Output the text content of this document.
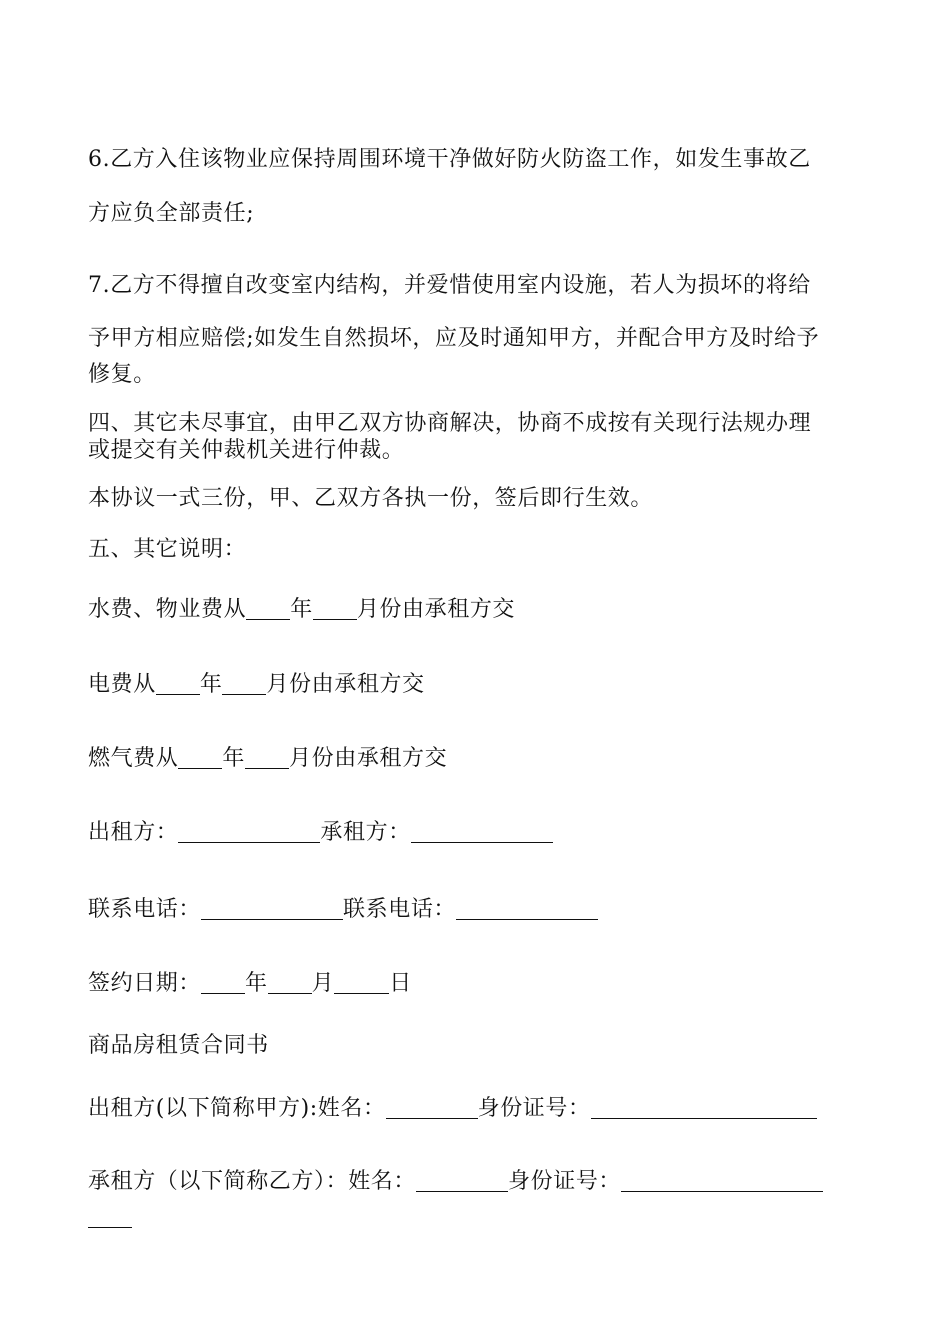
6.乙方入住该物业应保持周围环境干净做好防火防盗工作，如发生事故乙
方应负全部责任;
7.乙方不得擅自改变室内结构，并爱惜使用室内设施，若人为损坏的将给
予甲方相应赔偿;如发生自然损坏，应及时通知甲方，并配合甲方及时给予
修复。
四、其它未尽事宜，由甲乙双方协商解决，协商不成按有关现行法规办理
或提交有关仲裁机关进行仲裁。
本协议一式三份，甲、乙双方各执一份，签后即行生效。
五、其它说明：
水费、物业费从 年 月份由承租方交
电费从 年 月份由承租方交
燃气费从 年 月份由承租方交
出租方：	承租方：
联系电话：	联系电话：
签约日期： 年 月	日
商品房租赁合同书
出租方(以下简称甲方):姓名：	身份证号：
承租方（以下简称乙方）：姓名：	身份证号：
